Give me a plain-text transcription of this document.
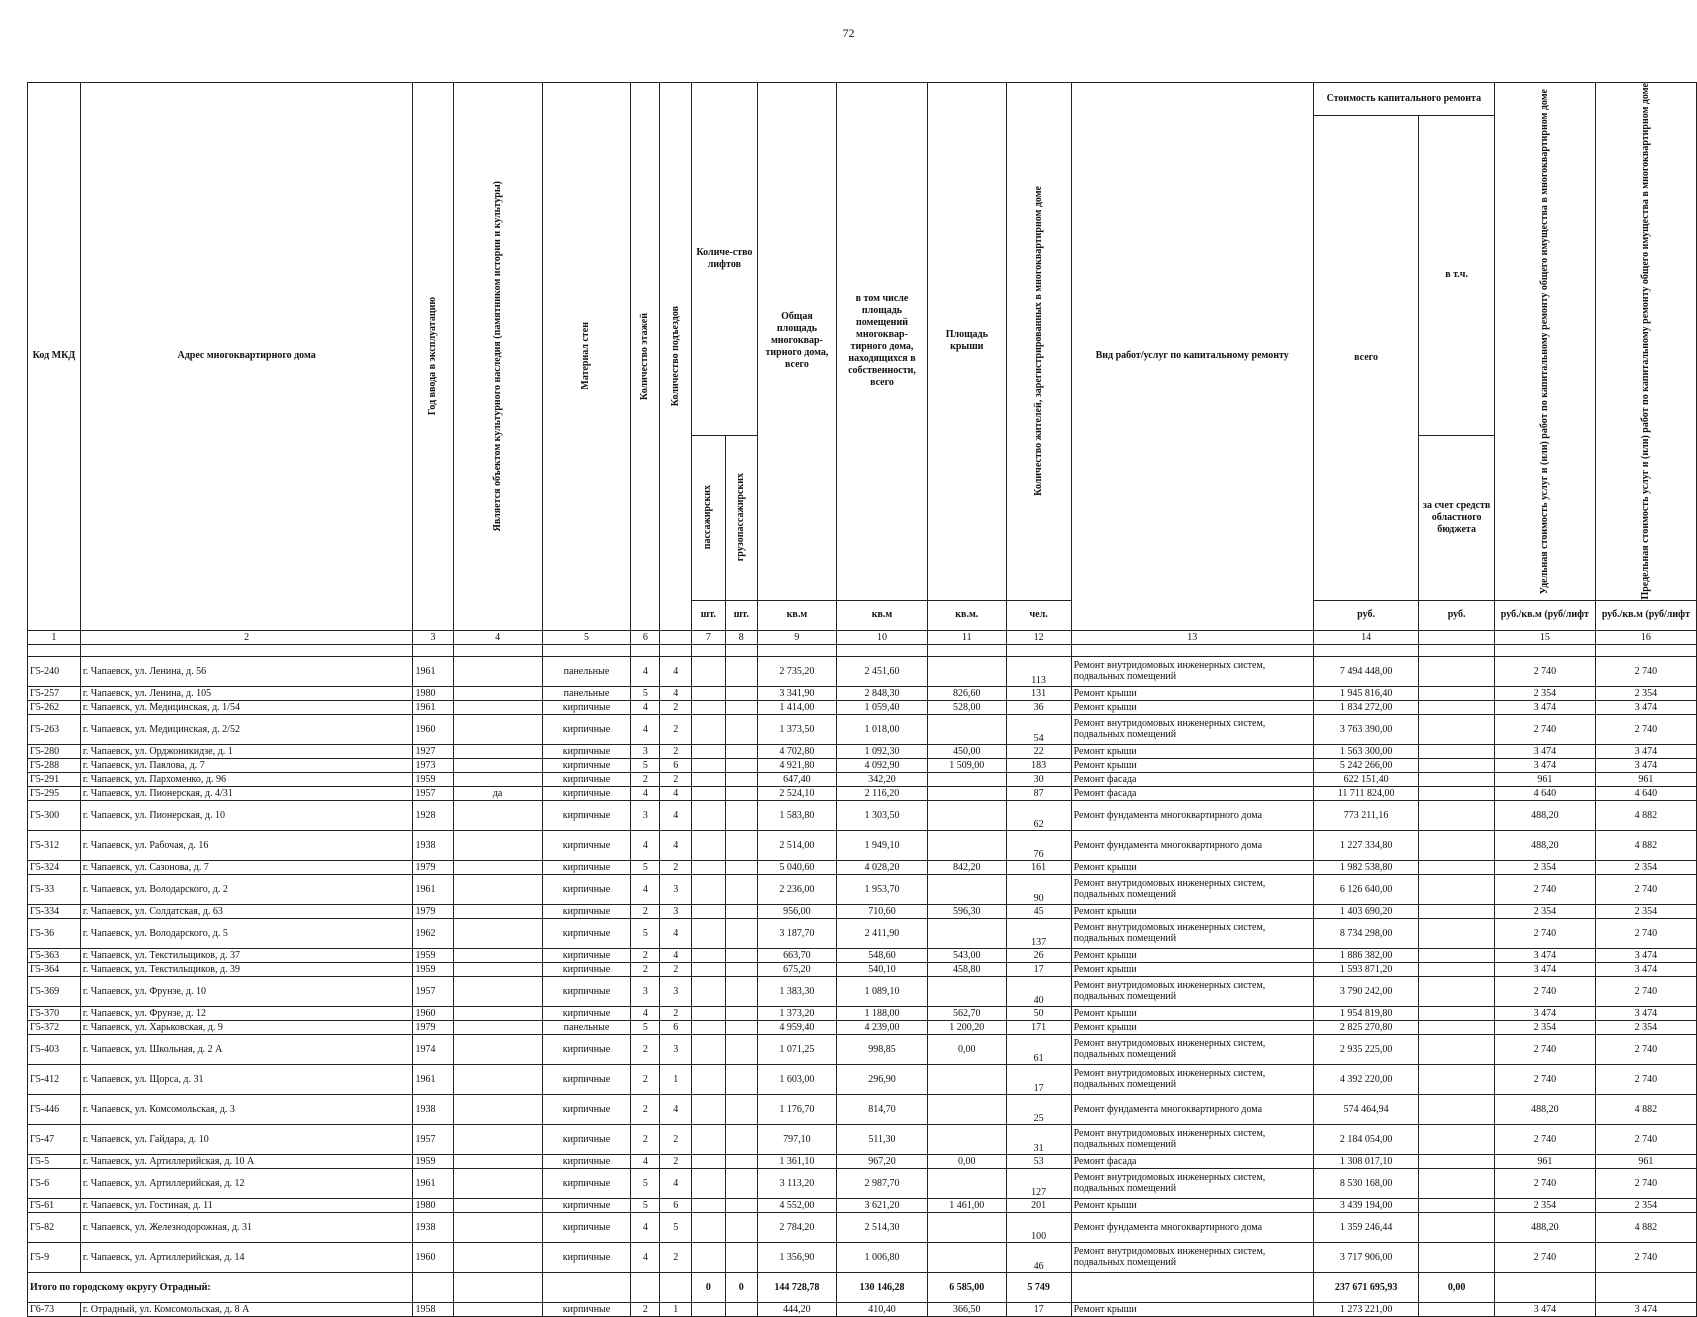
72
Код МКД	Адрес многоквартирного дома	Год ввода в эксплуатацию	Является объектом культурного наследия (памятником истории и культуры)	Материал стен	Количество этажей	Количество подъездов	Количе-ство лифтов		Общая площадь многоквар-тирного дома, всего	в том числе площадь помещений многоквар-тирного дома, находящихся в собственности, всего	Площадь крыши	Количество жителей, зарегистрированных в многоквартирном доме	Вид работ/услуг по капитальному ремонту	Стоимость капитального ремонта		Удельная стоимость услуг и (или) работ по капитальному ремонту общего имущества в многоквартирном доме	Предельная стоимость услуг и (или) работ по капитальному ремонту общего имущества в многоквартирном доме

														всего	в т.ч.		

							пассажирских	грузопассажирских							за счет средств областного бюджета		
							шт.	шт.	кв.м	кв.м	кв.м.	чел.		руб.	руб.	руб./кв.м (руб/лифт	руб./кв.м (руб/лифт
1	2	3	4	5	6		7	8	9	10	11	12	13	14		15	16

Г5-240	г. Чапаевск, ул. Ленина, д. 56	1961		панельные	4	4			2 735,20	2 451,60		113	Ремонт внутридомовых инженерных систем, подвальных помещений	7 494 448,00		2 740	2 740
Г5-257	г. Чапаевск, ул. Ленина, д. 105	1980		панельные	5	4			3 341,90	2 848,30	826,60	131	Ремонт крыши	1 945 816,40		2 354	2 354
Г5-262	г. Чапаевск, ул. Медицинская, д. 1/54	1961		кирпичные	4	2			1 414,00	1 059,40	528,00	36	Ремонт крыши	1 834 272,00		3 474	3 474
Г5-263	г. Чапаевск, ул. Медицинская, д. 2/52	1960		кирпичные	4	2			1 373,50	1 018,00		54	Ремонт внутридомовых инженерных систем, подвальных помещений	3 763 390,00		2 740	2 740
Г5-280	г. Чапаевск, ул. Орджоникидзе, д. 1	1927		кирпичные	3	2			4 702,80	1 092,30	450,00	22	Ремонт крыши	1 563 300,00		3 474	3 474
Г5-288	г. Чапаевск, ул. Павлова, д. 7	1973		кирпичные	5	6			4 921,80	4 092,90	1 509,00	183	Ремонт крыши	5 242 266,00		3 474	3 474
Г5-291	г. Чапаевск, ул. Пархоменко, д. 96	1959		кирпичные	2	2			647,40	342,20		30	Ремонт фасада	622 151,40		961	961
Г5-295	г. Чапаевск, ул. Пионерская, д. 4/31	1957	да	кирпичные	4	4			2 524,10	2 116,20		87	Ремонт фасада	11 711 824,00		4 640	4 640
Г5-300	г. Чапаевск, ул. Пионерская, д. 10	1928		кирпичные	3	4			1 583,80	1 303,50		62	Ремонт фундамента многоквартирного дома	773 211,16		488,20	4 882
Г5-312	г. Чапаевск, ул. Рабочая, д. 16	1938		кирпичные	4	4			2 514,00	1 949,10		76	Ремонт фундамента многоквартирного дома	1 227 334,80		488,20	4 882
Г5-324	г. Чапаевск, ул. Сазонова, д. 7	1979		кирпичные	5	2			5 040,60	4 028,20	842,20	161	Ремонт крыши	1 982 538,80		2 354	2 354
Г5-33	г. Чапаевск, ул. Володарского, д. 2	1961		кирпичные	4	3			2 236,00	1 953,70		90	Ремонт внутридомовых инженерных систем, подвальных помещений	6 126 640,00		2 740	2 740
Г5-334	г. Чапаевск, ул. Солдатская, д. 63	1979		кирпичные	2	3			956,00	710,60	596,30	45	Ремонт крыши	1 403 690,20		2 354	2 354
Г5-36	г. Чапаевск, ул. Володарского, д. 5	1962		кирпичные	5	4			3 187,70	2 411,90		137	Ремонт внутридомовых инженерных систем, подвальных помещений	8 734 298,00		2 740	2 740
Г5-363	г. Чапаевск, ул. Текстильщиков, д. 37	1959		кирпичные	2	4			663,70	548,60	543,00	26	Ремонт крыши	1 886 382,00		3 474	3 474
Г5-364	г. Чапаевск, ул. Текстильщиков, д. 39	1959		кирпичные	2	2			675,20	540,10	458,80	17	Ремонт крыши	1 593 871,20		3 474	3 474
Г5-369	г. Чапаевск, ул. Фрунзе, д. 10	1957		кирпичные	3	3			1 383,30	1 089,10		40	Ремонт внутридомовых инженерных систем, подвальных помещений	3 790 242,00		2 740	2 740
Г5-370	г. Чапаевск, ул. Фрунзе, д. 12	1960		кирпичные	4	2			1 373,20	1 188,00	562,70	50	Ремонт крыши	1 954 819,80		3 474	3 474
Г5-372	г. Чапаевск, ул. Харьковская, д. 9	1979		панельные	5	6			4 959,40	4 239,00	1 200,20	171	Ремонт крыши	2 825 270,80		2 354	2 354
Г5-403	г. Чапаевск, ул. Школьная, д. 2 А	1974		кирпичные	2	3			1 071,25	998,85	0,00	61	Ремонт внутридомовых инженерных систем, подвальных помещений	2 935 225,00		2 740	2 740
Г5-412	г. Чапаевск, ул. Щорса, д. 31	1961		кирпичные	2	1			1 603,00	296,90		17	Ремонт внутридомовых инженерных систем, подвальных помещений	4 392 220,00		2 740	2 740
Г5-446	г. Чапаевск, ул. Комсомольская, д. 3	1938		кирпичные	2	4			1 176,70	814,70		25	Ремонт фундамента многоквартирного дома	574 464,94		488,20	4 882
Г5-47	г. Чапаевск, ул. Гайдара, д. 10	1957		кирпичные	2	2			797,10	511,30		31	Ремонт внутридомовых инженерных систем, подвальных помещений	2 184 054,00		2 740	2 740
Г5-5	г. Чапаевск, ул. Артиллерийская, д. 10 А	1959		кирпичные	4	2			1 361,10	967,20	0,00	53	Ремонт фасада	1 308 017,10		961	961
Г5-6	г. Чапаевск, ул. Артиллерийская, д. 12	1961		кирпичные	5	4			3 113,20	2 987,70		127	Ремонт внутридомовых инженерных систем, подвальных помещений	8 530 168,00		2 740	2 740
Г5-61	г. Чапаевск, ул. Гостиная, д. 11	1980		кирпичные	5	6			4 552,00	3 621,20	1 461,00	201	Ремонт крыши	3 439 194,00		2 354	2 354
Г5-82	г. Чапаевск, ул. Железнодорожная, д. 31	1938		кирпичные	4	5			2 784,20	2 514,30		100	Ремонт фундамента многоквартирного дома	1 359 246,44		488,20	4 882
Г5-9	г. Чапаевск, ул. Артиллерийская, д. 14	1960		кирпичные	4	2			1 356,90	1 006,80		46	Ремонт внутридомовых инженерных систем, подвальных помещений	3 717 906,00		2 740	2 740
Итого по городскому округу Отрадный:							0	0	144 728,78	130 146,28	6 585,00	5 749		237 671 695,93	0,00		
Г6-73	г. Отрадный, ул. Комсомольская, д. 8 А	1958		кирпичные	2	1			444,20	410,40	366,50	17	Ремонт крыши	1 273 221,00		3 474	3 474
